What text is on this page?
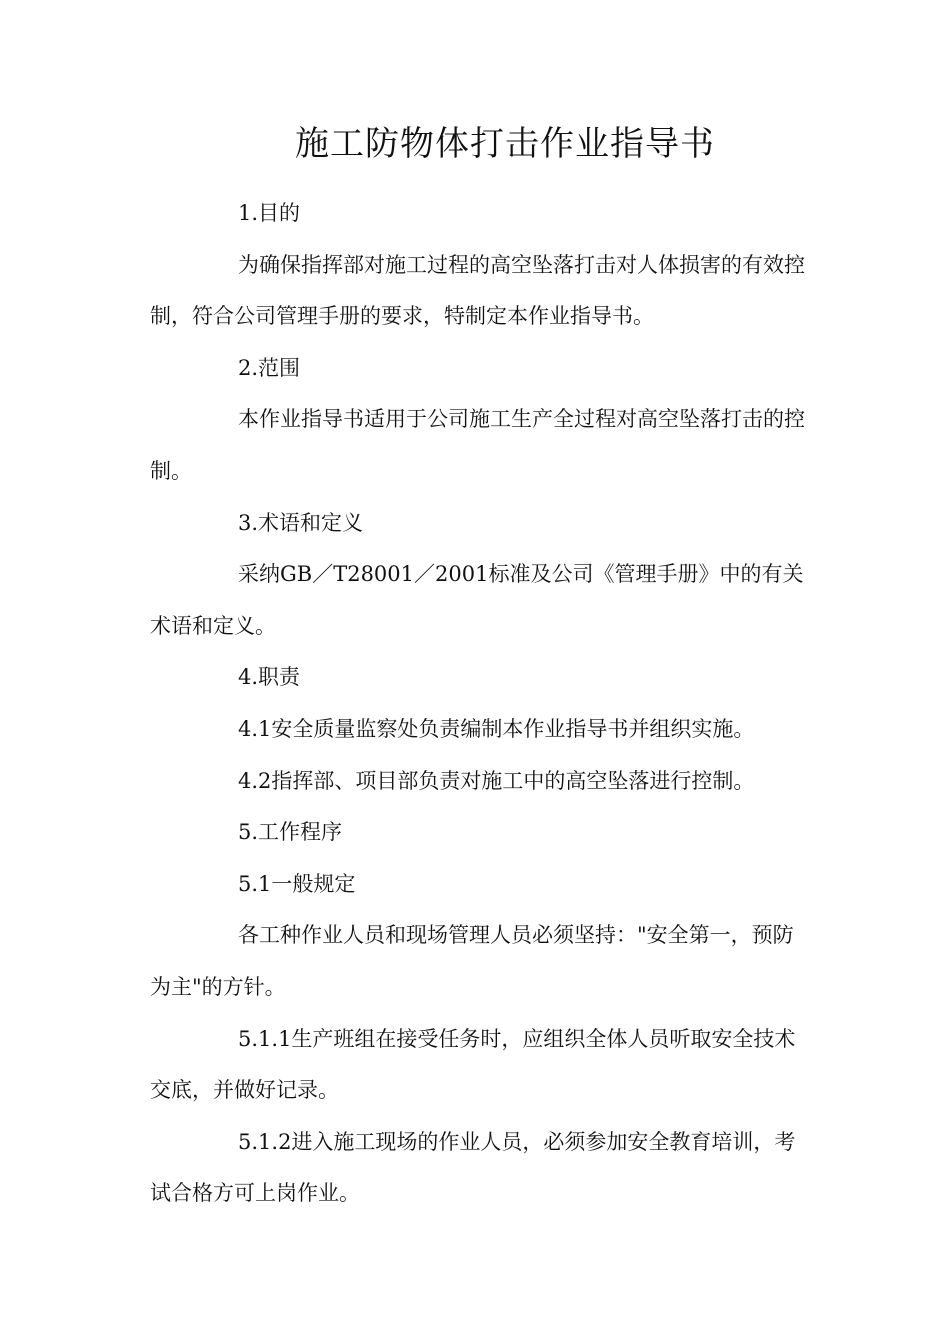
施工防物体打击作业指导书

1.目的

为确保指挥部对施工过程的高空坠落打击对人体损害的有效控制，符合公司管理手册的要求，特制定本作业指导书。

2.范围

本作业指导书适用于公司施工生产全过程对高空坠落打击的控制。

3.术语和定义

采纳GB／T28001／2001标准及公司《管理手册》中的有关术语和定义。

4.职责

4.1安全质量监察处负责编制本作业指导书并组织实施。

4.2指挥部、项目部负责对施工中的高空坠落进行控制。

5.工作程序

5.1一般规定

各工种作业人员和现场管理人员必须坚持："安全第一，预防为主"的方针。

5.1.1生产班组在接受任务时，应组织全体人员听取安全技术交底，并做好记录。

5.1.2进入施工现场的作业人员，必须参加安全教育培训，考试合格方可上岗作业。
